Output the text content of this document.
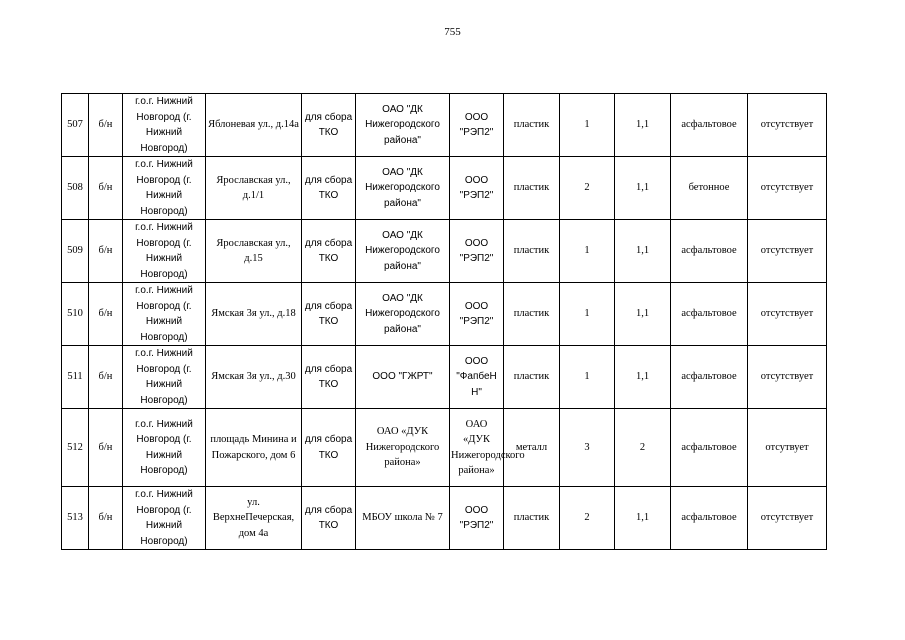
755
507	б/н	г.о.г. Нижний Новгород (г. Нижний Новгород)	Яблоневая ул., д.14а	для сбора ТКО	ОАО "ДК Нижегородского района"	ООО "РЭП2"	пластик	1	1,1	асфальтовое	отсутствует
508	б/н	г.о.г. Нижний Новгород (г. Нижний Новгород)	Ярославская ул., д.1/1	для сбора ТКО	ОАО "ДК Нижегородского района"	ООО "РЭП2"	пластик	2	1,1	бетонное	отсутствует
509	б/н	г.о.г. Нижний Новгород (г. Нижний Новгород)	Ярославская ул., д.15	для сбора ТКО	ОАО "ДК Нижегородского района"	ООО "РЭП2"	пластик	1	1,1	асфальтовое	отсутствует
510	б/н	г.о.г. Нижний Новгород (г. Нижний Новгород)	Ямская 3я ул., д.18	для сбора ТКО	ОАО "ДК Нижегородского района"	ООО "РЭП2"	пластик	1	1,1	асфальтовое	отсутствует
511	б/н	г.о.г. Нижний Новгород (г. Нижний Новгород)	Ямская 3я ул., д.30	для сбора ТКО	ООО "ГЖРТ"	ООО "ФапбеН Н"	пластик	1	1,1	асфальтовое	отсутствует
512	б/н	г.о.г. Нижний Новгород (г. Нижний Новгород)	площадь Минина и Пожарского, дом 6	для сбора ТКО	ОАО «ДУК Нижегородского района»	ОАО «ДУК Нижегородского района»	металл	3	2	асфальтовое	отсутвует
513	б/н	г.о.г. Нижний Новгород (г. Нижний Новгород)	ул. ВерхнеПечерская, дом 4а	для сбора ТКО	МБОУ школа № 7	ООО "РЭП2"	пластик	2	1,1	асфальтовое	отсутствует
